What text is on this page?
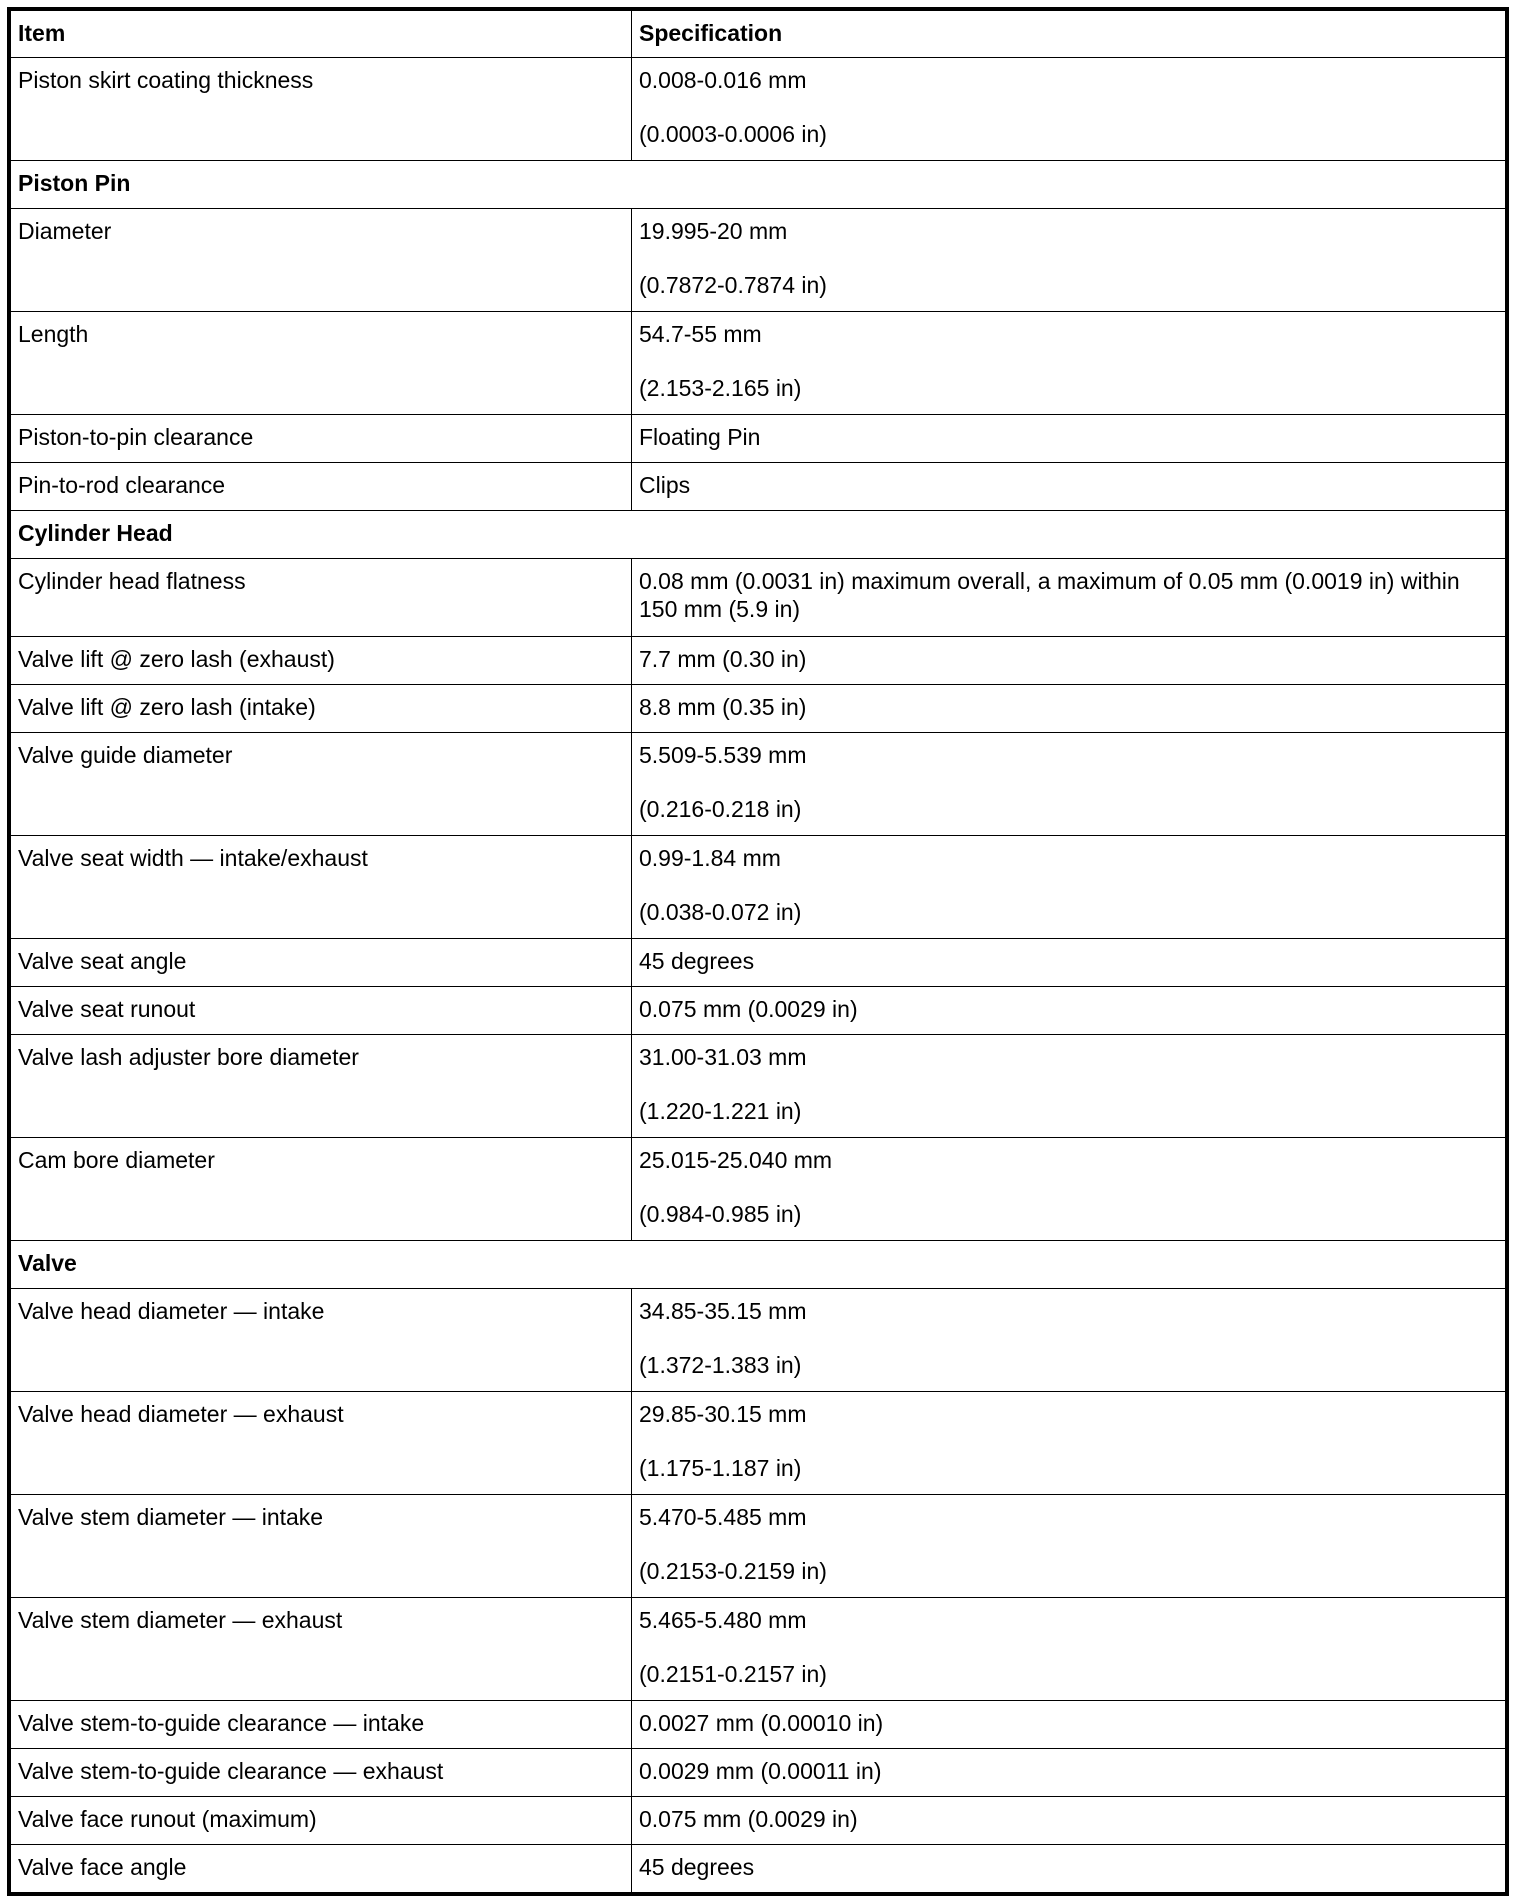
Item	Specification
Piston skirt coating thickness	0.008-0.016 mm
(0.0003-0.0006 in)

Piston Pin	
Diameter	19.995-20 mm
(0.7872-0.7874 in)

Length	54.7-55 mm
(2.153-2.165 in)

Piston-to-pin clearance	Floating Pin
Pin-to-rod clearance	Clips
Cylinder Head	
Cylinder head flatness	0.08 mm (0.0031 in) maximum overall, a maximum of 0.05 mm (0.0019 in) within 150 mm (5.9 in)
Valve lift @ zero lash (exhaust)	7.7 mm (0.30 in)
Valve lift @ zero lash (intake)	8.8 mm (0.35 in)
Valve guide diameter	5.509-5.539 mm
(0.216-0.218 in)

Valve seat width — intake/exhaust	0.99-1.84 mm
(0.038-0.072 in)

Valve seat angle	45 degrees
Valve seat runout	0.075 mm (0.0029 in)
Valve lash adjuster bore diameter	31.00-31.03 mm
(1.220-1.221 in)

Cam bore diameter	25.015-25.040 mm
(0.984-0.985 in)

Valve	
Valve head diameter — intake	34.85-35.15 mm
(1.372-1.383 in)

Valve head diameter — exhaust	29.85-30.15 mm
(1.175-1.187 in)

Valve stem diameter — intake	5.470-5.485 mm
(0.2153-0.2159 in)

Valve stem diameter — exhaust	5.465-5.480 mm
(0.2151-0.2157 in)

Valve stem-to-guide clearance — intake	0.0027 mm (0.00010 in)
Valve stem-to-guide clearance — exhaust	0.0029 mm (0.00011 in)
Valve face runout (maximum)	0.075 mm (0.0029 in)
Valve face angle	45 degrees
